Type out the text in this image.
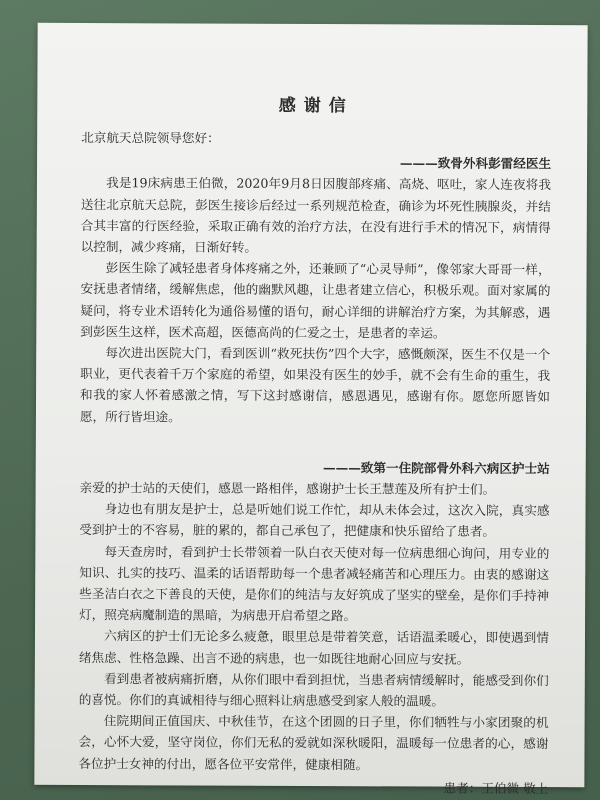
感谢信
北京航天总院领导您好：
———致骨外科彭雷经医生

我是19床病患王伯微，2020年9月8日因腹部疼痛、高烧、呕吐，家人连夜将我送往北京航天总院，彭医生接诊后经过一系列规范检查，确诊为坏死性胰腺炎，并结合其丰富的行医经验，采取正确有效的治疗方法，在没有进行手术的情况下，病情得以控制，减少疼痛，日渐好转。

彭医生除了减轻患者身体疼痛之外，还兼顾了“心灵导师”，像邻家大哥哥一样，安抚患者情绪，缓解焦虑，他的幽默风趣，让患者建立信心，积极乐观。面对家属的疑问，将专业术语转化为通俗易懂的语句，耐心详细的讲解治疗方案，为其解惑，遇到彭医生这样，医术高超，医德高尚的仁爱之士，是患者的幸运。

每次进出医院大门，看到医训“救死扶伤”四个大字，感慨颇深，医生不仅是一个职业，更代表着千万个家庭的希望，如果没有医生的妙手，就不会有生命的重生，我和我的家人怀着感激之情，写下这封感谢信，感恩遇见，感谢有你。愿您所愿皆如愿，所行皆坦途。

———致第一住院部骨外科六病区护士站

亲爱的护士站的天使们，感恩一路相伴，感谢护士长王慧莲及所有护士们。

身边也有朋友是护士，总是听她们说工作忙，却从未体会过，这次入院，真实感受到护士的不容易，脏的累的，都自己承包了，把健康和快乐留给了患者。

每天查房时，看到护士长带领着一队白衣天使对每一位病患细心询问，用专业的知识、扎实的技巧、温柔的话语帮助每一个患者减轻痛苦和心理压力。由衷的感谢这些圣洁白衣之下善良的天使，是你们的纯洁与友好筑成了坚实的壁垒，是你们手持神灯，照亮病魔制造的黑暗，为病患开启希望之路。

六病区的护士们无论多么疲惫，眼里总是带着笑意，话语温柔暖心，即使遇到情绪焦虑、性格急躁、出言不逊的病患，也一如既往地耐心回应与安抚。

看到患者被病痛折磨，从你们眼中看到担忧，当患者病情缓解时，能感受到你们的喜悦。你们的真诚相待与细心照料让病患感受到家人般的温暖。

住院期间正值国庆、中秋佳节，在这个团圆的日子里，你们牺牲与小家团聚的机会，心怀大爱，坚守岗位，你们无私的爱就如深秋暖阳，温暖每一位患者的心，感谢各位护士女神的付出，愿各位平安常伴，健康相随。

患者：王伯微 敬上
